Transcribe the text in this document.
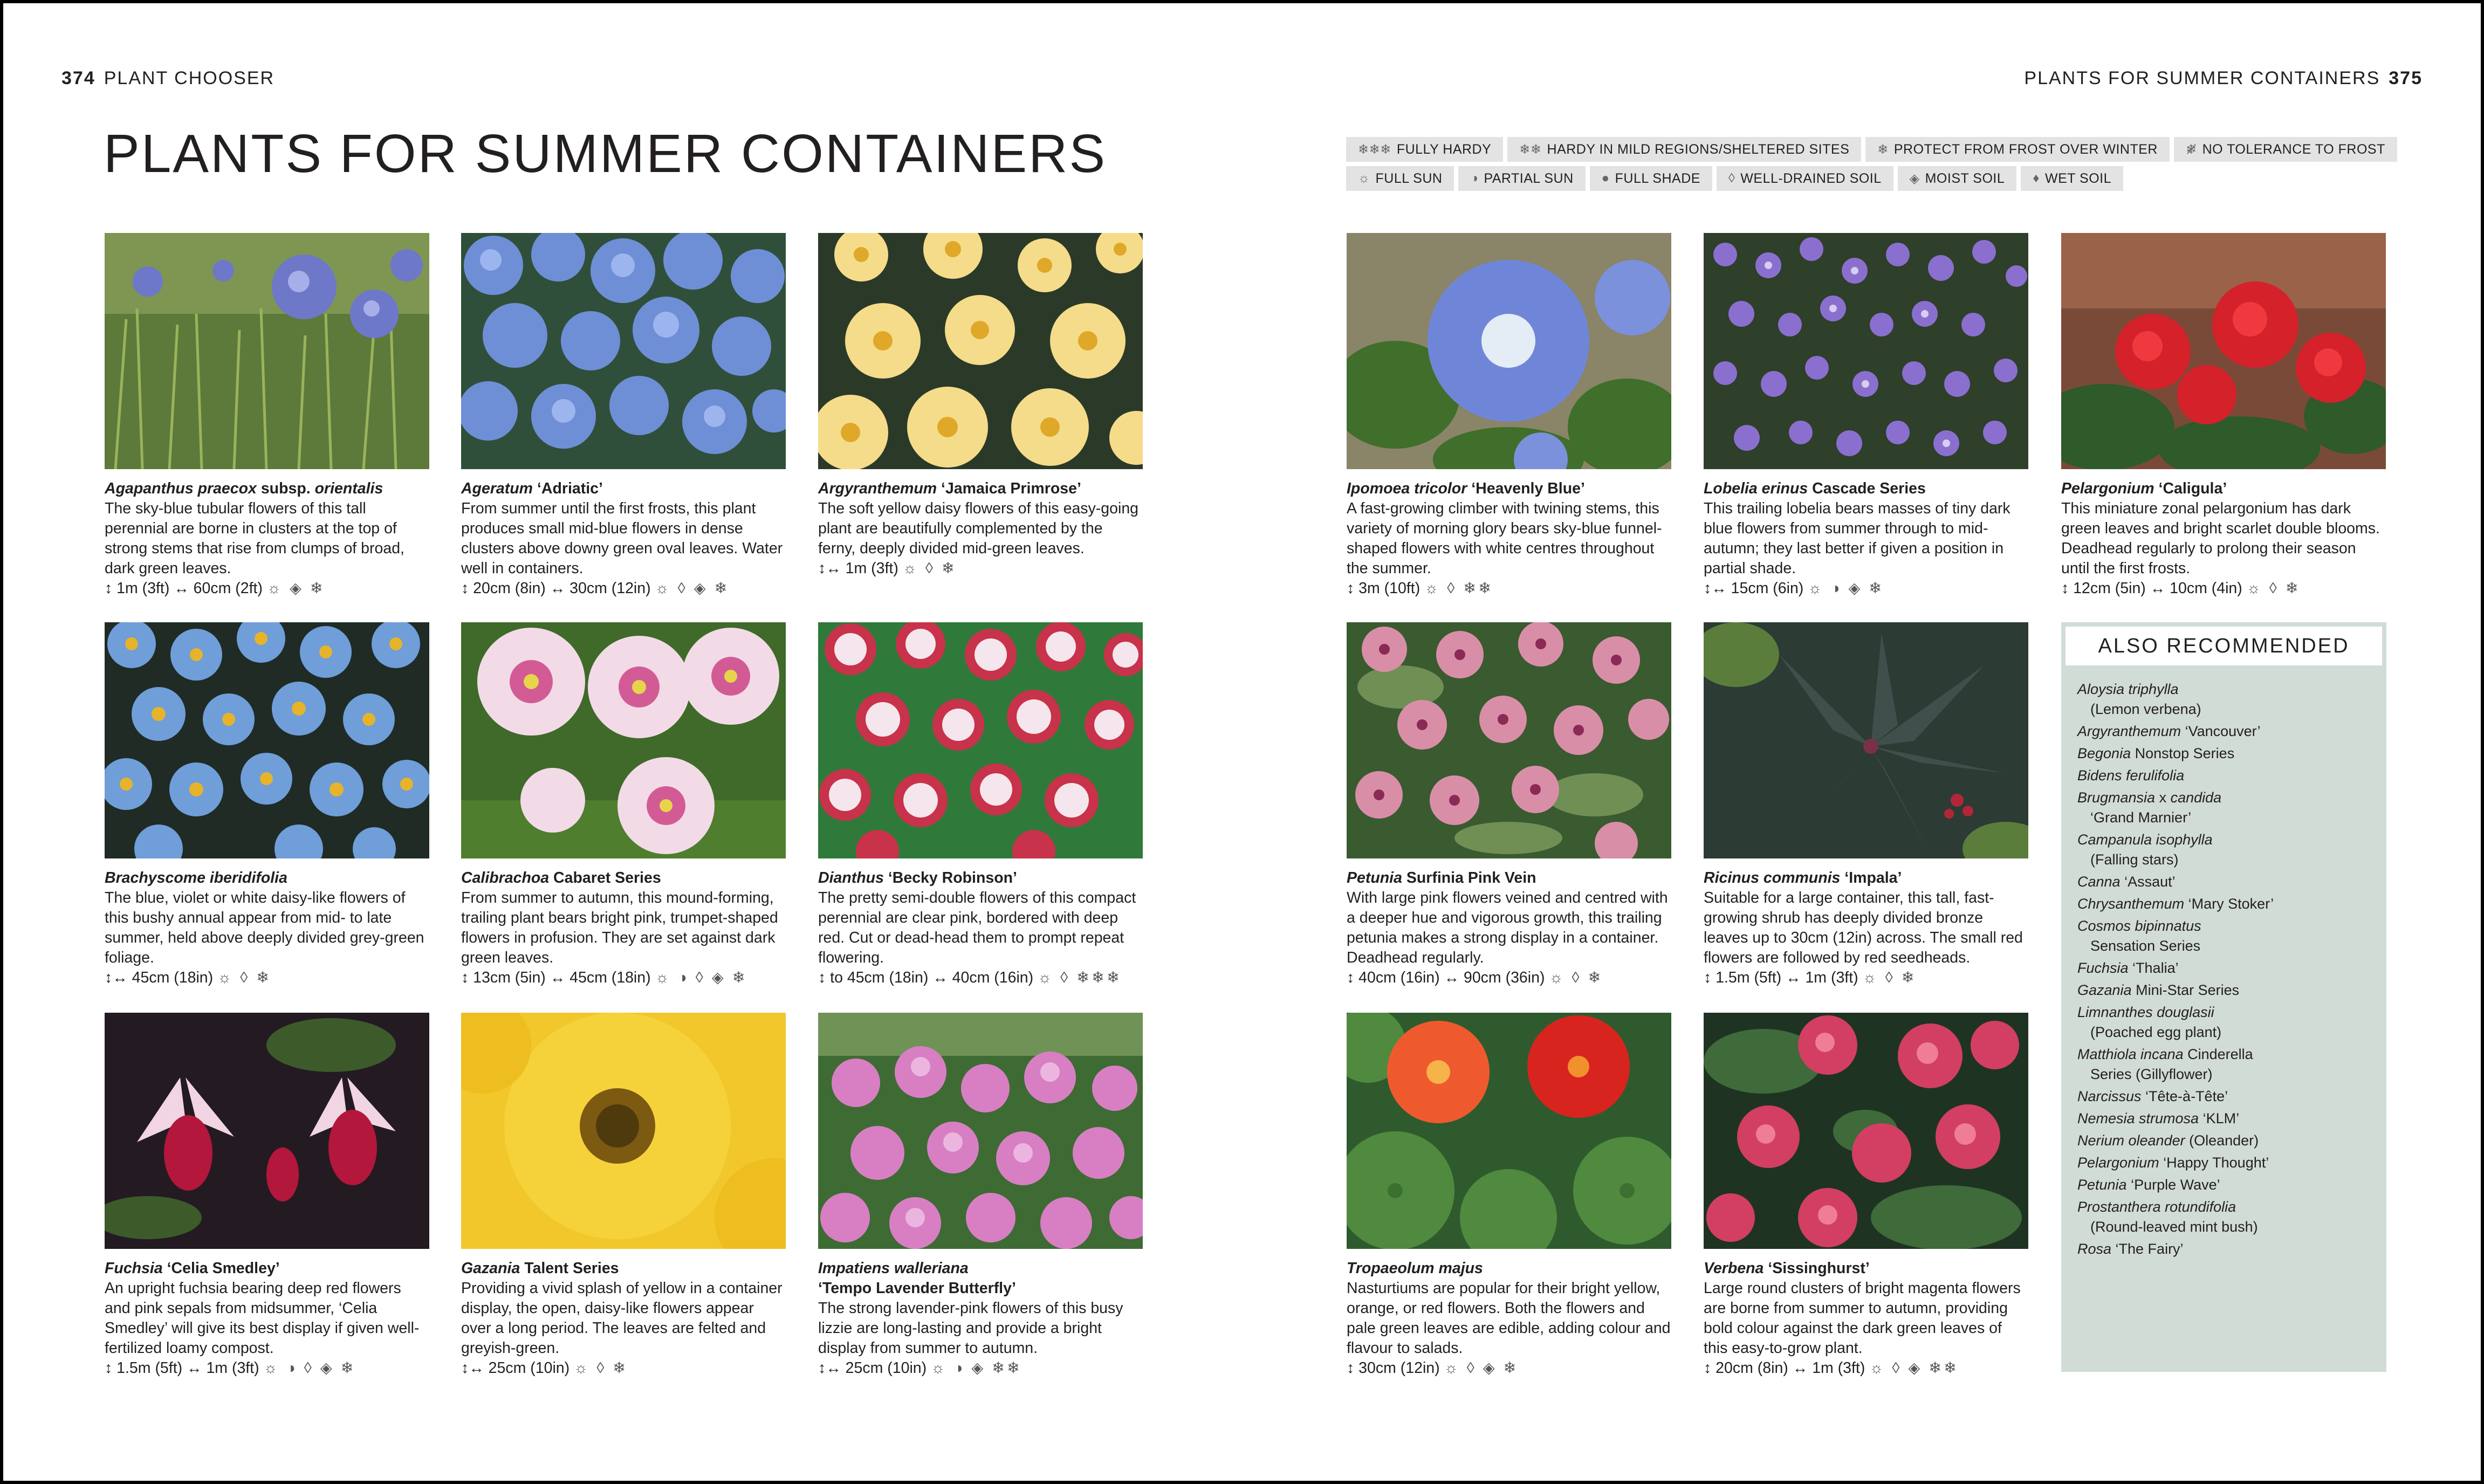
374 PLANT CHOOSER	PLANTS FOR SUMMER CONTAINERS 375
PLANTS FOR SUMMER CONTAINERS	❄❄❄ FULLY HARDY ❄❄ HARDY IN MILD REGIONS/SHELTERED SITES ❄ PROTECT FROM FROST OVER WINTER ❄̸ NO TOLERANCE TO FROST
☼ FULL SUN ◑ PARTIAL SUN ● FULL SHADE ◊ WELL-DRAINED SOIL ◈ MOIST SOIL ♦ WET SOIL
Agapanthus praecox subsp. orientalis
The sky-blue tubular flowers of this tall perennial are borne in clusters at the top of strong stems that rise from clumps of broad, dark green leaves.
↕ 1m (3ft) ↔ 60cm (2ft) ☼ ◈ ❄
Ageratum ‘Adriatic’
From summer until the first frosts, this plant produces small mid-blue flowers in dense clusters above downy green oval leaves. Water well in containers.
↕ 20cm (8in) ↔ 30cm (12in) ☼ ◊ ◈ ❄
Argyranthemum ‘Jamaica Primrose’
The soft yellow daisy flowers of this easy-going plant are beautifully complemented by the ferny, deeply divided mid-green leaves.
↕↔ 1m (3ft) ☼ ◊ ❄
Brachyscome iberidifolia
The blue, violet or white daisy-like flowers of this bushy annual appear from mid- to late summer, held above deeply divided grey-green foliage.
↕↔ 45cm (18in) ☼ ◊ ❄
Calibrachoa Cabaret Series
From summer to autumn, this mound-forming, trailing plant bears bright pink, trumpet-shaped flowers in profusion. They are set against dark green leaves.
↕ 13cm (5in) ↔ 45cm (18in) ☼ ◑ ◊ ◈ ❄
Dianthus ‘Becky Robinson’
The pretty semi-double flowers of this compact perennial are clear pink, bordered with deep red. Cut or dead-head them to prompt repeat flowering.
↕ to 45cm (18in) ↔ 40cm (16in) ☼ ◊ ❄❄❄
Fuchsia ‘Celia Smedley’
An upright fuchsia bearing deep red flowers and pink sepals from midsummer, ‘Celia Smedley’ will give its best display if given well-fertilized loamy compost.
↕ 1.5m (5ft) ↔ 1m (3ft) ☼ ◑ ◊ ◈ ❄
Gazania Talent Series
Providing a vivid splash of yellow in a container display, the open, daisy-like flowers appear over a long period. The leaves are felted and greyish-green.
↕↔ 25cm (10in) ☼ ◊ ❄
Impatiens walleriana
‘Tempo Lavender Butterfly’
The strong lavender-pink flowers of this busy lizzie are long-lasting and provide a bright display from summer to autumn.
↕↔ 25cm (10in) ☼ ◑ ◈ ❄❄
Ipomoea tricolor ‘Heavenly Blue’
A fast-growing climber with twining stems, this variety of morning glory bears sky-blue funnel-shaped flowers with white centres throughout the summer.
↕ 3m (10ft) ☼ ◊ ❄❄
Lobelia erinus Cascade Series
This trailing lobelia bears masses of tiny dark blue flowers from summer through to mid-autumn; they last better if given a position in partial shade.
↕↔ 15cm (6in) ☼ ◑ ◈ ❄
Pelargonium ‘Caligula’
This miniature zonal pelargonium has dark green leaves and bright scarlet double blooms. Deadhead regularly to prolong their season until the first frosts.
↕ 12cm (5in) ↔ 10cm (4in) ☼ ◊ ❄
Petunia Surfinia Pink Vein
With large pink flowers veined and centred with a deeper hue and vigorous growth, this trailing petunia makes a strong display in a container. Deadhead regularly.
↕ 40cm (16in) ↔ 90cm (36in) ☼ ◊ ❄
Ricinus communis ‘Impala’
Suitable for a large container, this tall, fast-growing shrub has deeply divided bronze leaves up to 30cm (12in) across. The small red flowers are followed by red seedheads.
↕ 1.5m (5ft) ↔ 1m (3ft) ☼ ◊ ❄
ALSO RECOMMENDED
Aloysia triphylla
(Lemon verbena)
Argyranthemum ‘Vancouver’
Begonia Nonstop Series
Bidens ferulifolia
Brugmansia x candida
‘Grand Marnier’
Campanula isophylla
(Falling stars)
Canna ‘Assaut’
Chrysanthemum ‘Mary Stoker’
Cosmos bipinnatus
Sensation Series
Fuchsia ‘Thalia’
Gazania Mini-Star Series
Limnanthes douglasii
(Poached egg plant)
Matthiola incana Cinderella
Series (Gillyflower)
Narcissus ‘Tête-à-Tête’
Nemesia strumosa ‘KLM’
Nerium oleander (Oleander)
Pelargonium ‘Happy Thought’
Petunia ‘Purple Wave’
Prostanthera rotundifolia
(Round-leaved mint bush)
Rosa ‘The Fairy’
Tropaeolum majus
Nasturtiums are popular for their bright yellow, orange, or red flowers. Both the flowers and pale green leaves are edible, adding colour and flavour to salads.
↕ 30cm (12in) ☼ ◊ ◈ ❄
Verbena ‘Sissinghurst’
Large round clusters of bright magenta flowers are borne from summer to autumn, providing bold colour against the dark green leaves of this easy-to-grow plant.
↕ 20cm (8in) ↔ 1m (3ft) ☼ ◊ ◈ ❄❄
